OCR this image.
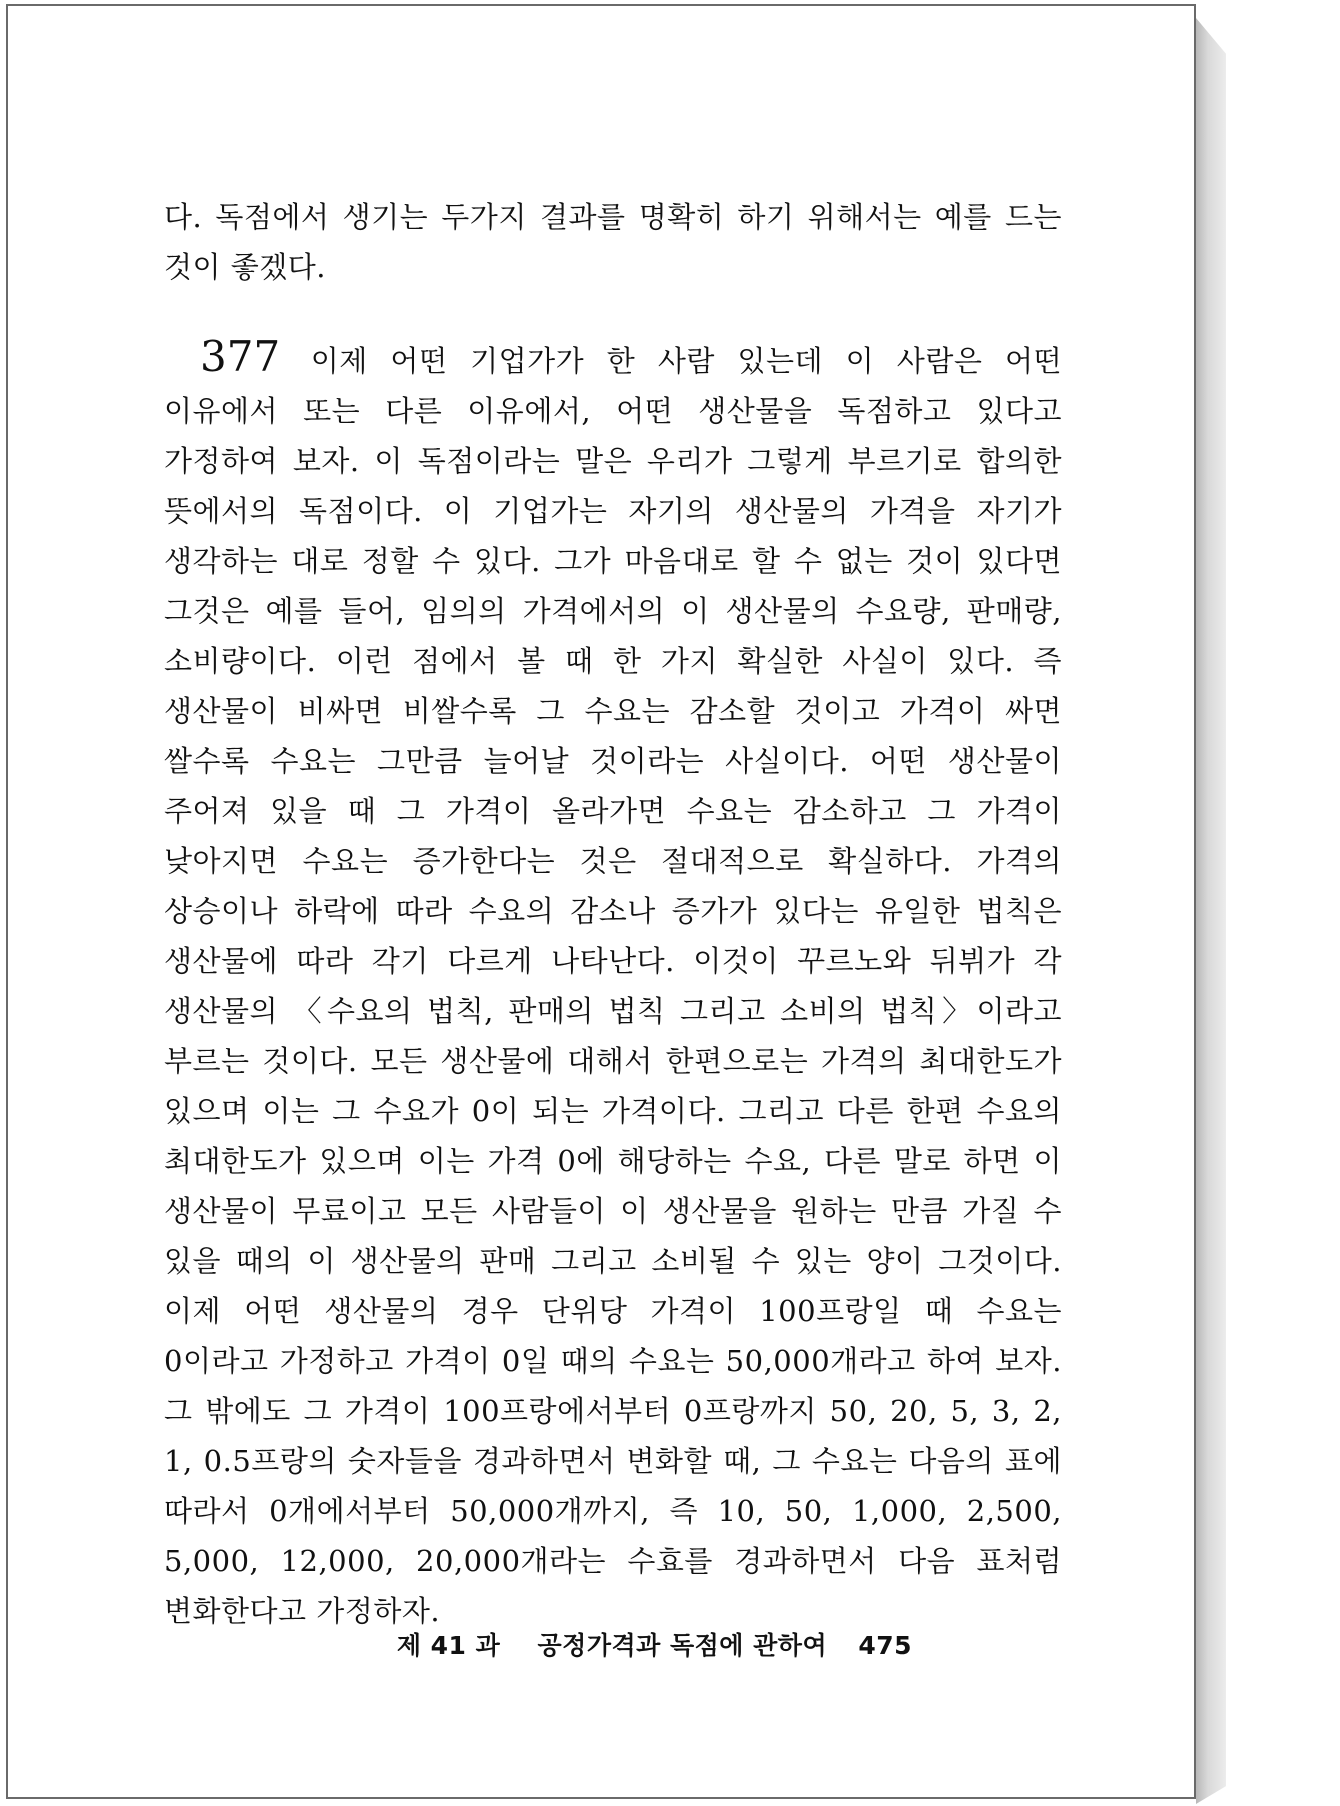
다. 독점에서 생기는 두가지 결과를 명확히 하기 위해서는 예를 드는 것이 좋겠다.

377 이제 어떤 기업가가 한 사람 있는데 이 사람은 어떤 이유에서 또는 다른 이유에서, 어떤 생산물을 독점하고 있다고 가정하여 보자. 이 독점이라는 말은 우리가 그렇게 부르기로 합의한 뜻에서의 독점이다. 이 기업가는 자기의 생산물의 가격을 자기가 생각하는 대로 정할 수 있다. 그가 마음대로 할 수 없는 것이 있다면 그것은 예를 들어, 임의의 가격에서의 이 생산물의 수요량, 판매량, 소비량이다. 이런 점에서 볼 때 한 가지 확실한 사실이 있다. 즉 생산물이 비싸면 비쌀수록 그 수요는 감소할 것이고 가격이 싸면 쌀수록 수요는 그만큼 늘어날 것이라는 사실이다. 어떤 생산물이 주어져 있을 때 그 가격이 올라가면 수요는 감소하고 그 가격이 낮아지면 수요는 증가한다는 것은 절대적으로 확실하다. 가격의 상승이나 하락에 따라 수요의 감소나 증가가 있다는 유일한 법칙은 생산물에 따라 각기 다르게 나타난다. 이것이 꾸르노와 뒤뷔가 각 생산물의 〈수요의 법칙, 판매의 법칙 그리고 소비의 법칙〉이라고 부르는 것이다. 모든 생산물에 대해서 한편으로는 가격의 최대한도가 있으며 이는 그 수요가 0이 되는 가격이다. 그리고 다른 한편 수요의 최대한도가 있으며 이는 가격 0에 해당하는 수요, 다른 말로 하면 이 생산물이 무료이고 모든 사람들이 이 생산물을 원하는 만큼 가질 수 있을 때의 이 생산물의 판매 그리고 소비될 수 있는 양이 그것이다. 이제 어떤 생산물의 경우 단위당 가격이 100프랑일 때 수요는 0이라고 가정하고 가격이 0일 때의 수요는 50,000개라고 하여 보자. 그 밖에도 그 가격이 100프랑에서부터 0프랑까지 50, 20, 5, 3, 2, 1, 0.5프랑의 숫자들을 경과하면서 변화할 때, 그 수요는 다음의 표에 따라서 0개에서부터 50,000개까지, 즉 10, 50, 1,000, 2,500, 5,000, 12,000, 20,000개라는 수효를 경과하면서 다음 표처럼 변화한다고 가정하자.

제 41 과 공정가격과 독점에 관하여 475
